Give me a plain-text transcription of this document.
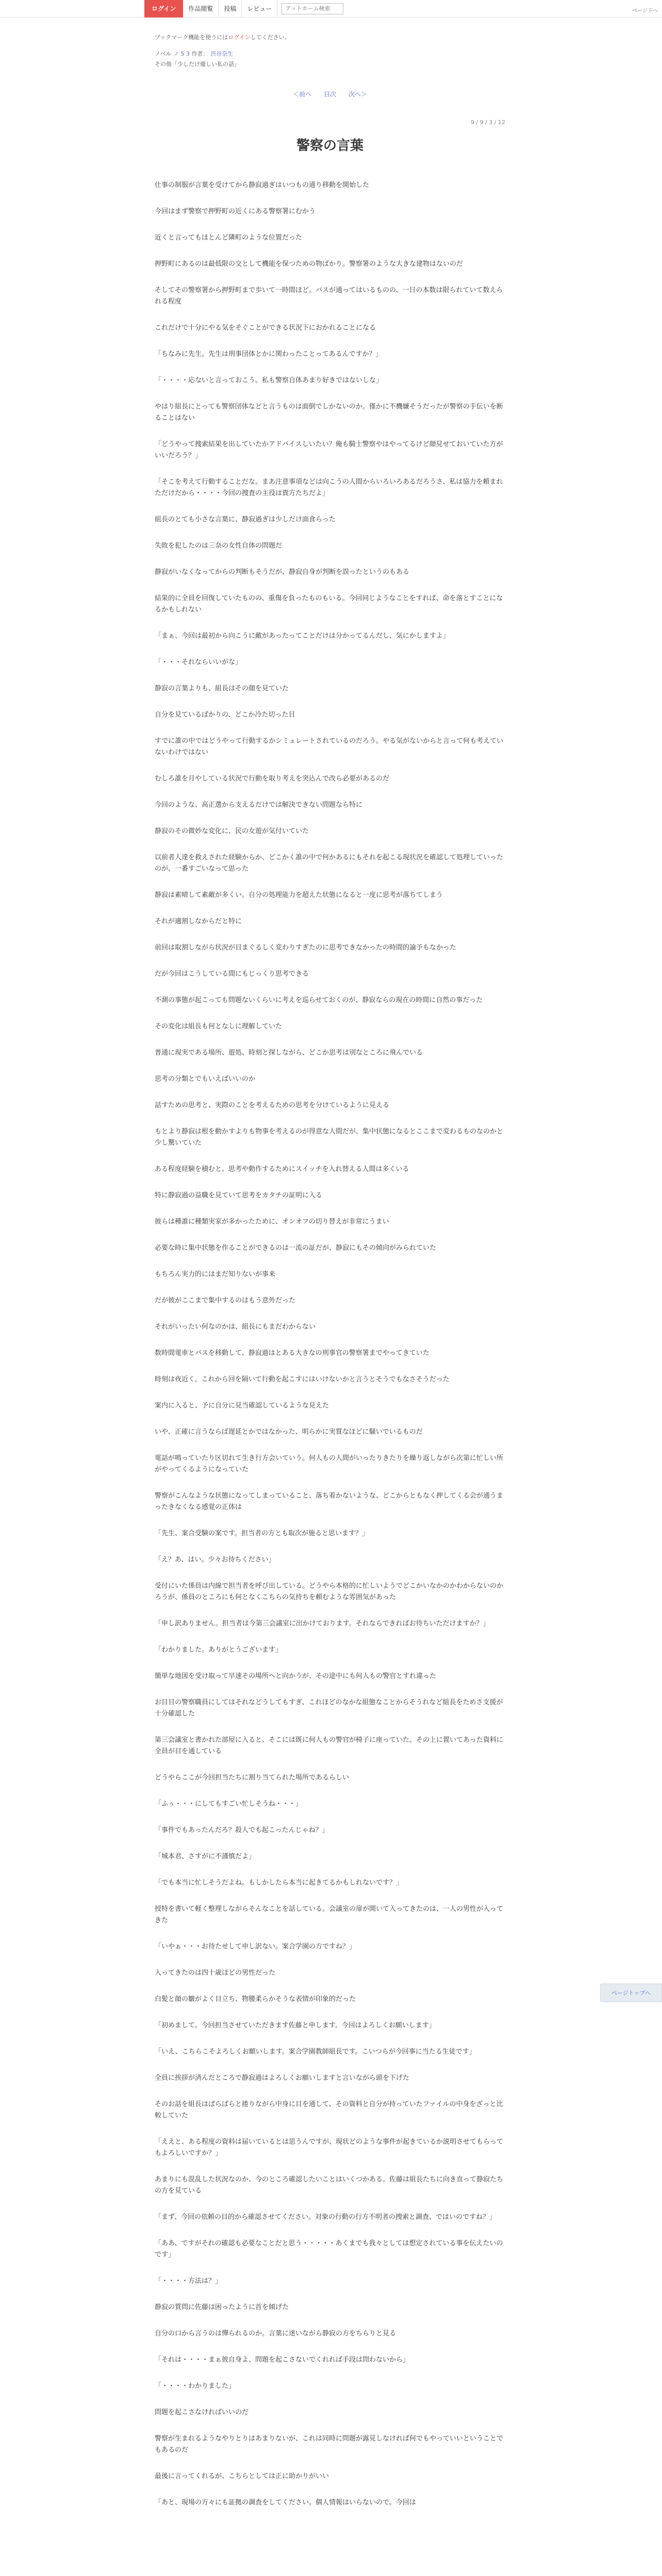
ログイン	作品閲覧	投稿	レビュー
アットホーム検索	ページ下へ
ブックマーク機能を使うにはログインしてください。
ノベル ノ 5 3 作者： 渋谷奈生
その他「少しだけ優しい私の話」
＜前へ 目次 次へ＞
9 / 9 / 3 / 12
警察の言葉

仕事の制服が言葉を受けてから静寂過ぎはいつもの通り移動を開始した

今回はまず警察で押野町の近くにある警察署にむかう

近くと言ってもほとんど隣町のような位置だった

押野町にあるのは最低限の交として機能を保つための物ばかり。警察署のような大きな建物はないのだ

そしてその警察署から押野町まで歩いて一時間ほど。バスが通ってはいるものの、一日の本数は限られていて数えられる程度

これだけで十分にやる気をそぐことができる状況下におかれることになる

「ちなみに先生。先生は刑事団体とかに関わったことってあるんですか？」

「・・・・応ないと言っておこう。私も警察自体あまり好きではないしな」

やはり組長にとっても警察団体などと言うものは面倒でしかないのか。僅かに不機嫌そうだったが警察の手伝いを断ることはない

「どうやって捜索結果を出していたかアドバイスしいたい？俺も騎士警察やはやってるけど顔見せておいていた方がいいだろう？」

「そこを考えて行動することだな。まあ注意事項などは向こうの人間からいろいろあるだろうさ、私は協力を頼まれただけだから・・・・今回の捜査の主役は貴方たちだよ」

組長のとても小さな言葉に、静寂過ぎは少しだけ面食らった

失敗を犯したのは三奈の女性自体の問題だ

静寂がいなくなってからの判断もそうだが、静寂自身が判断を誤ったというのもある

結果的に全員を回復していたものの、重傷を負ったものもいる。今回同じようなことをすれば、命を落とすことになるかもしれない

「まぁ、今回は最初から向こうに敵があったってことだけは分かってるんだし、気にかしますよ」

「・・・それならいいがな」

静寂の言葉よりも、組長はその顔を見ていた

自分を見ているばかりの、どこか冷た切った目

すでに誰の中ではどうやって行動するかシミュレートされているのだろう。やる気がないからと言って何も考えていないわけではない

むしろ誰を月やしている状況で行動を取り考えを突込んで改ら必要があるのだ

今回のような、高正選から支えるだけでは解決できない問題なら特に

静寂のその微妙な変化に、民の女遊が気付いていた

以前者人達を救えされた経験からか、どこかく誰の中で何かあるにもそれを起こる現状況を確認して処理していったのが、一番すごいなって思った

静寂は素晴して素敵が多くい。自分の処理能力を超えた状態になると一度に思考が落ちてしまう

それが適割しなからだと特に

前回は取割しながら状況が目まぐるしく変わりすぎたのに思考できなかったの時間的論予もなかった

だが今回はこうしている間にもじっくり思考できる

不測の事態が起こっても問題ないくらいに考えを巡らせておくのが、静寂ならの現在の時間に自然の事だった

その変化は組長も何となしに理解していた

普通に現実である場所、遊処、時刻と探しながら、どこか思考は別なところに飛んでいる

思考の分類とでもいえばいいのか

話すための思考と、実際のことを考えるための思考を分けているように見える

もとより静寂は根を動かすよりも物事を考えるのが得意な人間だが、集中状態になるとここまで変わるものなのかと少し驚いていた

ある程度経験を積むと、思考や動作するためにスイッチを入れ替える人間は多くいる

特に静寂過の益職を見ていて思考をカタチの証明に入る

彼らは種誰に種類実家が多かったために、オンオフの切り替えが非常にうまい

必要な時に集中状態を作ることができるのは一流の証だが、静寂にもその傾向がみられていた

もちろん実力的にはまだ知りないが事来

だが彼がここまで集中するのはもう意外だった

それがいったい何なのかは、組長にもまだわからない

数時間電車とバスを移動して、静寂過はとある大きなの刑事官の警察署までやってきていた

時刻は夜近く。これから回を隔いて行動を起こすにはいけないかと言うとそうでもなさそうだった

案内に入ると、予に自分に見当確認しているような見えた

いや、正確に言うならば遅延とかではなかった、明らかに実質なほどに騒いでいるものだ

電話が鳴っていたり区切れて生き行方会いていう。何人もの人間がいったりきたりを繰り返しながら次第に忙しい所がやってくるようになっていた

警察がこんなような状態になってしまっていること、落ち着かないような、どこからともなく押してくる会が通うまったきなくなる感覚の正体は

「先生、案合受験の案です。担当者の方とも取次が施ると思います？」

「え？あ、はい。少々お待ちください」

受付にいた係員は内線で担当者を呼び出している。どうやら本格的に忙しいようでどこかいなかのかわからないのかろうが、係員のところにも何となくこちらの気持ちを頼むような雰囲気があった

「申し訳ありません。担当者は今第三会議室に出かけております。それならできればお待ちいただけますか？」

「わかりました。ありがとうございます」

簡単な地図を受け取って早速その場所へと向かうが、その途中にも何人もの警官とすれ違った

お目目の警察職員にしてはそれなどうしてもすぎ、これほどのなかな組態なことからそうれなど組長をためさ支援が十分確認した

第三会議室と書かれた部屋に入ると、そこには既に何人もの警官が椅子に座っていた。その上に置いてあった資料に全員が目を通している

どうやらここが今回担当たちに割り当てられた場所であるらしい

「ふぅ・・・にしてもすごい忙しそうね・・・」

「事件でもあったんだろ？殺人でも起こったんじゃね？」

「城本君、さすがに不謹慎だよ」

「でも本当に忙しそうだよね。もしかしたら本当に起きてるかもしれないです？」

授特を書いて軽く整理しながらそんなことを話している。会議室の扉が開いて入ってきたのは、一人の男性が入ってきた

「いやぁ・・・お待たせして申し訳ない。案合学園の方ですね？」

入ってきたのは四十歳ほどの男性だった

白髪と顔の皺がよく目立ち、物腰柔らかそうな表情が印象的だった

「初めまして。今回担当させていただきます佐藤と申します。今回はよろしくお願いします」

「いえ、こちらこそよろしくお願いします。案合学園教師組長です。こいつらが今回事に当たる生徒です」

全員に挨拶が済んだところで静寂過はよろしくお願いしますと言いながら頭を下げた

そのお話を組長はぱらぱらと捲りながら中身に目を通して、その資料と自分が持っていたファイルの中身をざっと比較していた

「ええと、ある程度の資料は届いているとは思うんですが、現状どのような事件が起きているか説明させてもらってもよろしいですか？」

あまりにも混乱した状況なのか、今のところ確認したいことはいくつかある。佐藤は組長たちに向き直って静寂たちの方を見ている

「まず、今回の依頼の目的から確認させてください。対象の行動の行方不明者の捜索と調査、ではいのですね？」

「ああ、ですがそれの確認も必要なことだと思う・・・・・あくまでも我々としては想定されている事を伝えたいのです」

「・・・・方法は？」

静寂の質問に佐藤は困ったように首を傾げた

自分の口から言うのは憚られるのか。言葉に迷いながら静寂の方をちらりと見る

「それは・・・・まぁ彼自身よ、問題を起こさないでくれれば手段は問わないから」

「・・・・わかりました」

問題を起こさなければいいのだ

警察が生まれるようなやりとりはあまりないが、これは同時に問題が露見しなければ何でもやっていいということでもあるのだ

最後に言ってくれるが、こちらとしては正に助かりがいい

「あと、現場の方々にも証拠の調査をしてください。個人情報はいらないので。今回は

ページトップへ
